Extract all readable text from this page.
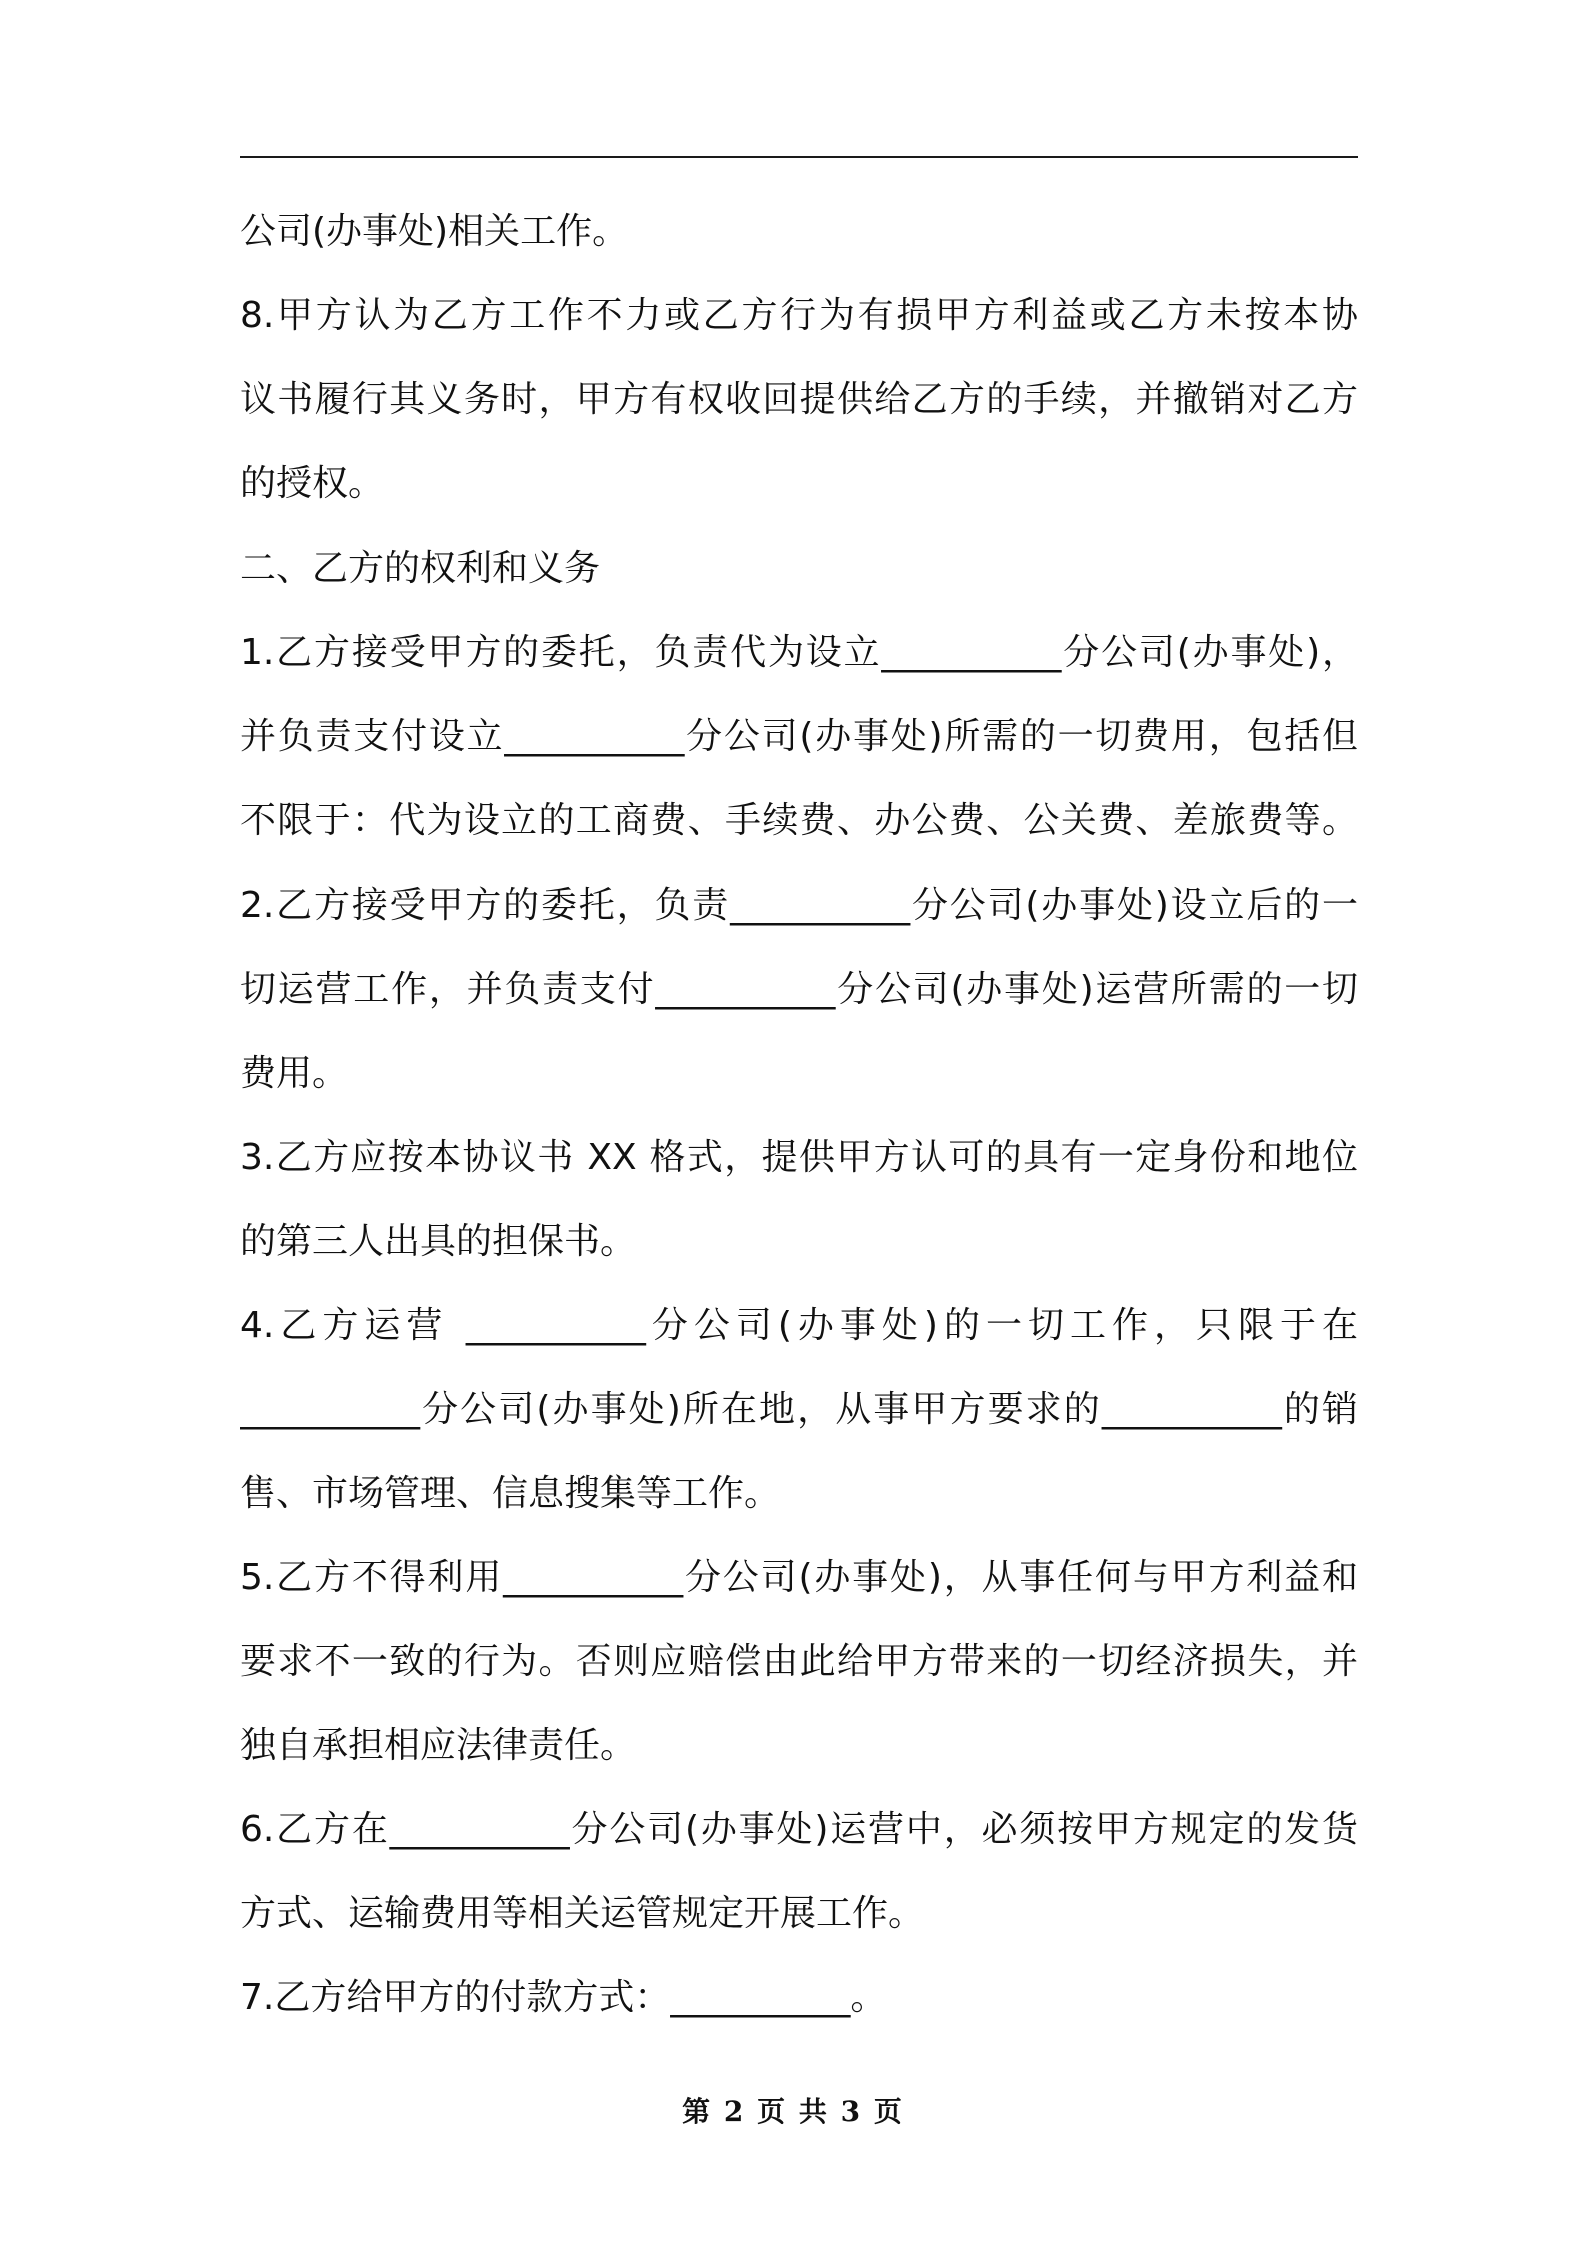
公司(办事处)相关工作。
8.甲方认为乙方工作不力或乙方行为有损甲方利益或乙方未按本协
议书履行其义务时，甲方有权收回提供给乙方的手续，并撤销对乙方
的授权。
二、乙方的权利和义务
1.乙方接受甲方的委托，负责代为设立__________分公司(办事处)，
并负责支付设立__________分公司(办事处)所需的一切费用，包括但
不限于：代为设立的工商费、手续费、办公费、公关费、差旅费等。
2.乙方接受甲方的委托，负责__________分公司(办事处)设立后的一
切运营工作，并负责支付__________分公司(办事处)运营所需的一切
费用。
3.乙方应按本协议书 XX 格式，提供甲方认可的具有一定身份和地位
的第三人出具的担保书。
4.乙方运营 __________分公司(办事处)的一切工作，只限于在
__________分公司(办事处)所在地，从事甲方要求的__________的销
售、市场管理、信息搜集等工作。
5.乙方不得利用__________分公司(办事处)，从事任何与甲方利益和
要求不一致的行为。否则应赔偿由此给甲方带来的一切经济损失，并
独自承担相应法律责任。
6.乙方在__________分公司(办事处)运营中，必须按甲方规定的发货
方式、运输费用等相关运管规定开展工作。
7.乙方给甲方的付款方式：__________。
第 2 页 共 3 页
